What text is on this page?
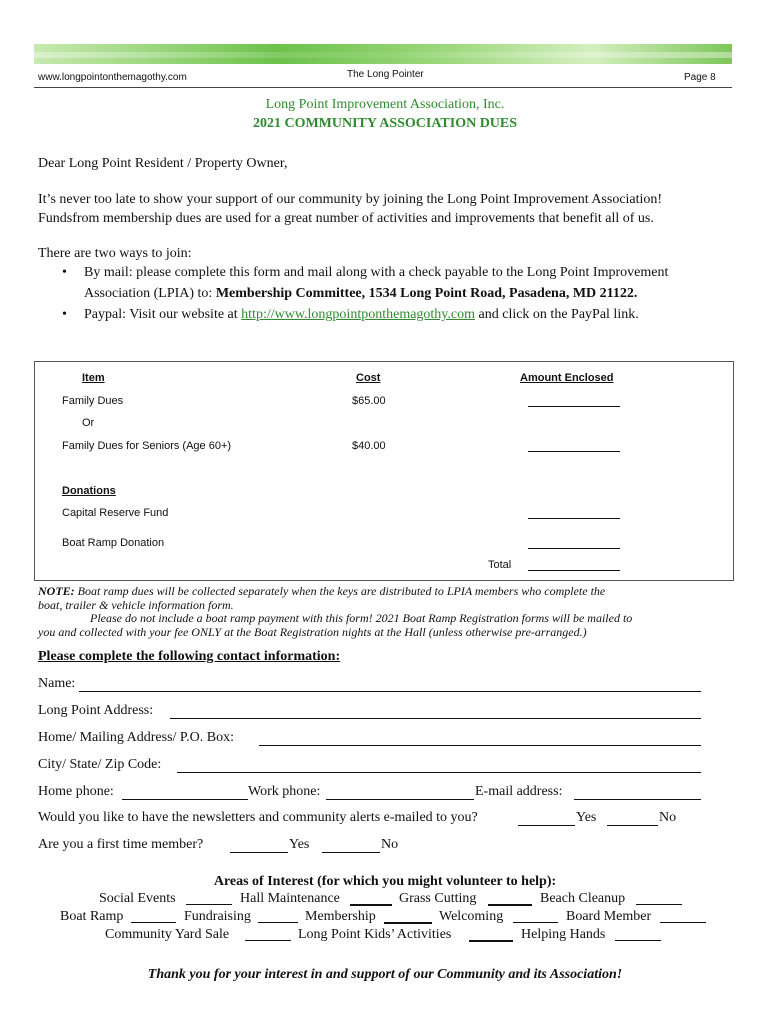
www.longpointonthemagothy.com	The Long Pointer	Page 8
Long Point Improvement Association, Inc.
2021 COMMUNITY ASSOCIATION DUES
Dear Long Point Resident / Property Owner,
It’s never too late to show your support of our community by joining the Long Point Improvement Association!
Fundsfrom membership dues are used for a great number of activities and improvements that benefit all of us.
There are two ways to join:
• By mail: please complete this form and mail along with a check payable to the Long Point Improvement
Association (LPIA) to: Membership Committee, 1534 Long Point Road, Pasadena, MD 21122.
• Paypal: Visit our website at http://www.longpointponthemagothy.com and click on the PayPal link.
Item	Cost	Amount Enclosed
Family Dues	$65.00
Or
Family Dues for Seniors (Age 60+)	$40.00
Donations
Capital Reserve Fund
Boat Ramp Donation
Total
NOTE: Boat ramp dues will be collected separately when the keys are distributed to LPIA members who complete the
boat, trailer & vehicle information form.
Please do not include a boat ramp payment with this form! 2021 Boat Ramp Registration forms will be mailed to
you and collected with your fee ONLY at the Boat Registration nights at the Hall (unless otherwise pre-arranged.)
Please complete the following contact information:
Name:
Long Point Address:
Home/ Mailing Address/ P.O. Box:
City/ State/ Zip Code:
Home phone:	Work phone:	E-mail address:
Would you like to have the newsletters and community alerts e-mailed to you?	Yes	No
Are you a first time member?	Yes	No
Areas of Interest (for which you might volunteer to help):
Social Events	Hall Maintenance	Grass Cutting	Beach Cleanup
Boat Ramp	Fundraising	Membership	Welcoming	Board Member
Community Yard Sale	Long Point Kids’ Activities	Helping Hands
Thank you for your interest in and support of our Community and its Association!
